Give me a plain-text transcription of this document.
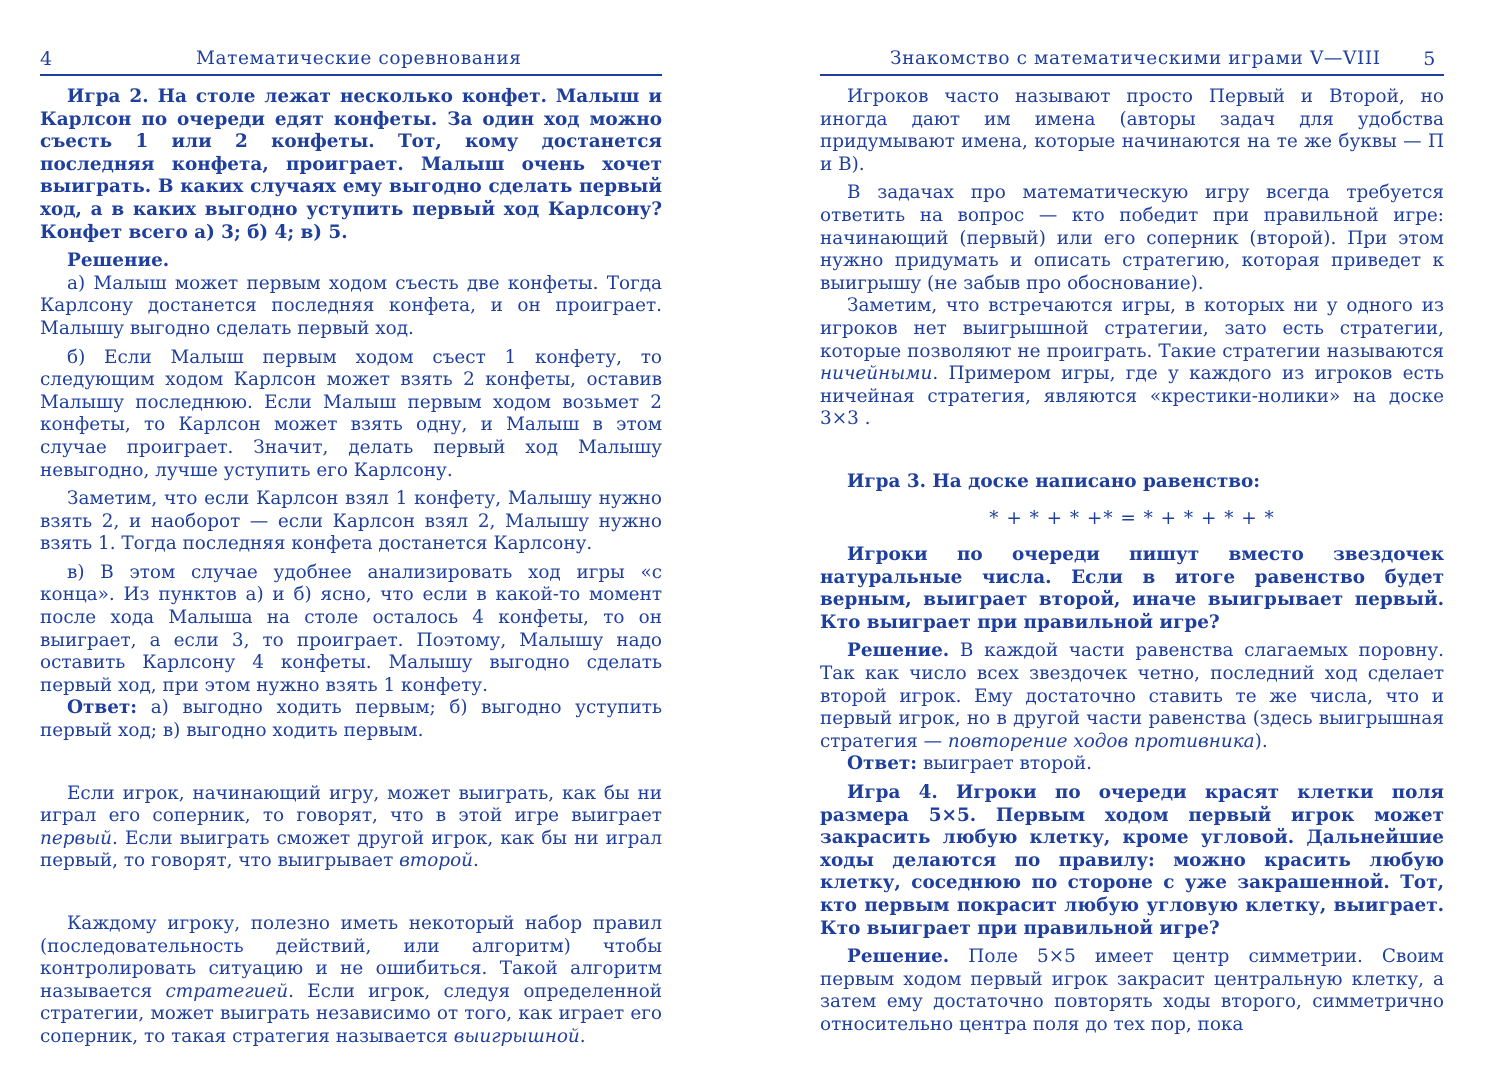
4	Математические соревнования

Игра 2. На столе лежат несколько конфет. Малыш и Карлсон по очереди едят конфеты. За один ход можно съесть 1 или 2 конфеты. Тот, кому достанется последняя конфета, проиграет. Малыш очень хочет выиграть. В каких случаях ему выгодно сделать первый ход, а в каких выгодно уступить первый ход Карлсону? Конфет всего а) 3; б) 4; в) 5.

Решение.

а) Малыш может первым ходом съесть две конфеты. Тогда Карлсону достанется последняя конфета, и он проиграет. Малышу выгодно сделать первый ход.

б) Если Малыш первым ходом съест 1 конфету, то следующим ходом Карлсон может взять 2 конфеты, оставив Малышу последнюю. Если Малыш первым ходом возьмет 2 конфеты, то Карлсон может взять одну, и Малыш в этом случае проиграет. Значит, делать первый ход Малышу невыгодно, лучше уступить его Карлсону.

Заметим, что если Карлсон взял 1 конфету, Малышу нужно взять 2, и наоборот — если Карлсон взял 2, Малышу нужно взять 1. Тогда последняя конфета достанется Карлсону.

в) В этом случае удобнее анализировать ход игры «с конца». Из пунктов а) и б) ясно, что если в какой-то момент после хода Малыша на столе осталось 4 конфеты, то он выиграет, а если 3, то проиграет. Поэтому, Малышу надо оставить Карлсону 4 конфеты. Малышу выгодно сделать первый ход, при этом нужно взять 1 конфету.

Ответ: а) выгодно ходить первым; б) выгодно уступить первый ход; в) выгодно ходить первым.

Если игрок, начинающий игру, может выиграть, как бы ни играл его соперник, то говорят, что в этой игре выиграет первый. Если выиграть сможет другой игрок, как бы ни играл первый, то говорят, что выигрывает второй.

Каждому игроку, полезно иметь некоторый набор правил (последовательность действий, или алгоритм) чтобы контролировать ситуацию и не ошибиться. Такой алгоритм называется стратегией. Если игрок, следуя определенной стратегии, может выиграть независимо от того, как играет его соперник, то такая стратегия называется выигрышной.

Знакомство с математическими играми V—VIII 5

Игроков часто называют просто Первый и Второй, но иногда дают им имена (авторы задач для удобства придумывают имена, которые начинаются на те же буквы — П и В).

В задачах про математическую игру всегда требуется ответить на вопрос — кто победит при правильной игре: начинающий (первый) или его соперник (второй). При этом нужно придумать и описать стратегию, которая приведет к выигрышу (не забыв про обоснование).

Заметим, что встречаются игры, в которых ни у одного из игроков нет выигрышной стратегии, зато есть стратегии, которые позволяют не проиграть. Такие стратегии называются ничейными. Примером игры, где у каждого из игроков есть ничейная стратегия, являются «крестики-нолики» на доске 3×3 .

Игра 3. На доске написано равенство:

* + * + * +* = * + * + * + *

Игроки по очереди пишут вместо звездочек натуральные числа. Если в итоге равенство будет верным, выиграет второй, иначе выигрывает первый. Кто выиграет при правильной игре?

Решение. В каждой части равенства слагаемых поровну. Так как число всех звездочек четно, последний ход сделает второй игрок. Ему достаточно ставить те же числа, что и первый игрок, но в другой части равенства (здесь выигрышная стратегия — повторение ходов противника).

Ответ: выиграет второй.

Игра 4. Игроки по очереди красят клетки поля размера 5×5. Первым ходом первый игрок может закрасить любую клетку, кроме угловой. Дальнейшие ходы делаются по правилу: можно красить любую клетку, соседнюю по стороне с уже закрашенной. Тот, кто первым покрасит любую угловую клетку, выиграет. Кто выиграет при правильной игре?

Решение. Поле 5×5 имеет центр симметрии. Своим первым ходом первый игрок закрасит центральную клетку, а затем ему достаточно повторять ходы второго, симметрично относительно центра поля до тех пор, пока
